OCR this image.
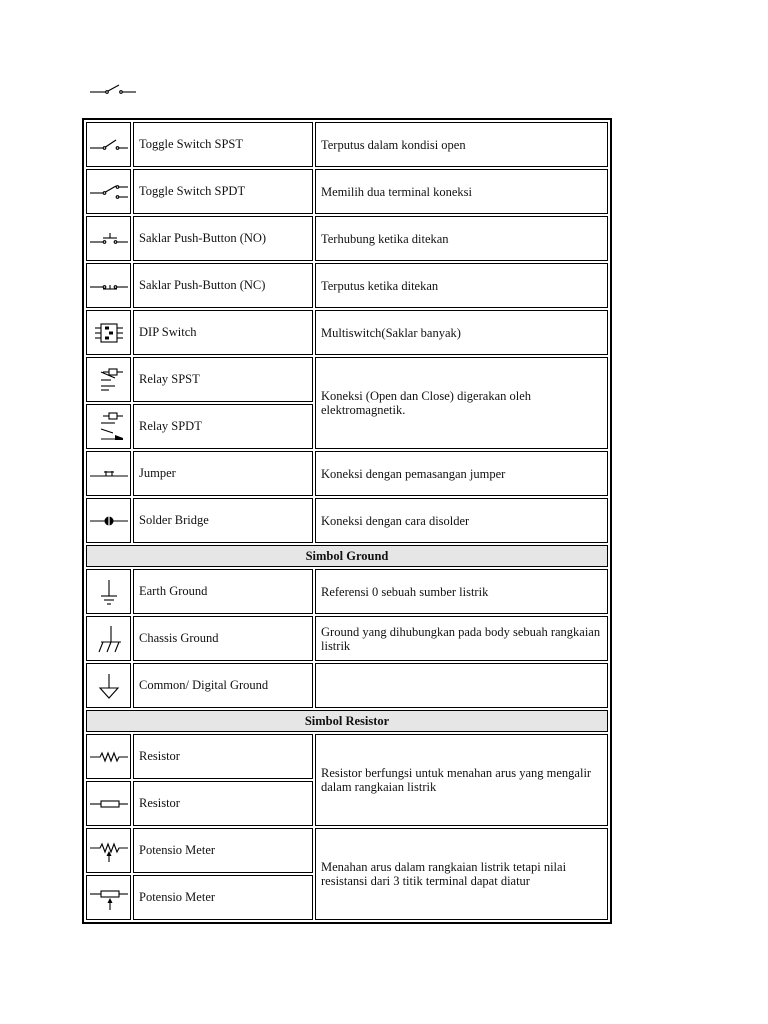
	Toggle Switch SPST	Terputus dalam kondisi open

	Toggle Switch SPDT	Memilih dua terminal koneksi

	Saklar Push-Button (NO)	Terhubung ketika ditekan

	Saklar Push-Button (NC)	Terputus ketika ditekan

	DIP Switch	Multiswitch(Saklar banyak)

	Relay SPST	Koneksi (Open dan Close) digerakan oleh elektromagnetik.

	Relay SPDT	

	Jumper	Koneksi dengan pemasangan jumper

	Solder Bridge	Koneksi dengan cara disolder
Simbol Ground		

	Earth Ground	Referensi 0 sebuah sumber listrik

	Chassis Ground	Ground yang dihubungkan pada body sebuah rangkaian listrik

	Common/ Digital Ground	
Simbol Resistor		

	Resistor	Resistor berfungsi untuk menahan arus yang mengalir dalam rangkaian listrik

	Resistor	

	Potensio Meter	Menahan arus dalam rangkaian listrik tetapi nilai resistansi dari 3 titik terminal dapat diatur

	Potensio Meter	
